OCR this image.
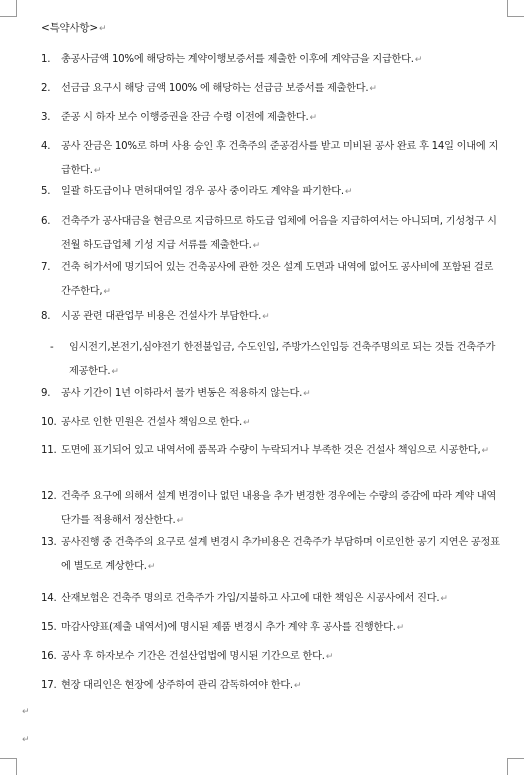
<특약사항>↵
1.	총공사금액 10%에 해당하는 계약이행보증서를 제출한 이후에 계약금을 지급한다.↵
2.	선금급 요구시 해당 금액 100% 에 해당하는 선급금 보증서를 제출한다.↵
3.	준공 시 하자 보수 이행증권을 잔금 수령 이전에 제출한다.↵
4.	공사 잔금은 10%로 하며 사용 승인 후 건축주의 준공검사를 받고 미비된 공사 완료 후 14일 이내에 지급한다.↵
5.	일괄 하도급이나 면허대여일 경우 공사 중이라도 계약을 파기한다.↵
6.	건축주가 공사대금을 현금으로 지급하므로 하도급 업체에 어음을 지급하여서는 아니되며, 기성청구 시 전월 하도급업체 기성 지급 서류를 제출한다.↵
7.	건축 허가서에 명기되어 있는 건축공사에 관한 것은 설계 도면과 내역에 없어도 공사비에 포함된 걸로 간주한다,↵
8.	시공 관련 대관업무 비용은 건설사가 부담한다.↵
-	임시전기,본전기,심야전기 한전불입금, 수도인입, 주방가스인입등 건축주명의로 되는 것들 건축주가 제공한다.↵
9.	공사 기간이 1년 이하라서 물가 변동은 적용하지 않는다.↵
10. 공사로 인한 민원은 건설사 책임으로 한다.↵
11. 도면에 표기되어 있고 내역서에 품목과 수량이 누락되거나 부족한 것은 건설사 책임으로 시공한다,↵
12. 건축주 요구에 의해서 설계 변경이나 없던 내용을 추가 변경한 경우에는 수량의 증감에 따라 계약 내역 단가를 적용해서 정산한다.↵
13. 공사진행 중 건축주의 요구로 설계 변경시 추가비용은 건축주가 부담하며 이로인한 공기 지연은 공정표에 별도로 계상한다.↵
14. 산재보험은 건축주 명의로 건축주가 가입/지불하고 사고에 대한 책임은 시공사에서 진다.↵
15. 마감사양표(제출 내역서)에 명시된 제품 변경시 추가 계약 후 공사를 진행한다.↵
16. 공사 후 하자보수 기간은 건설산업법에 명시된 기간으로 한다.↵
17. 현장 대리인은 현장에 상주하여 관리 감독하여야 한다.↵
↵
↵
